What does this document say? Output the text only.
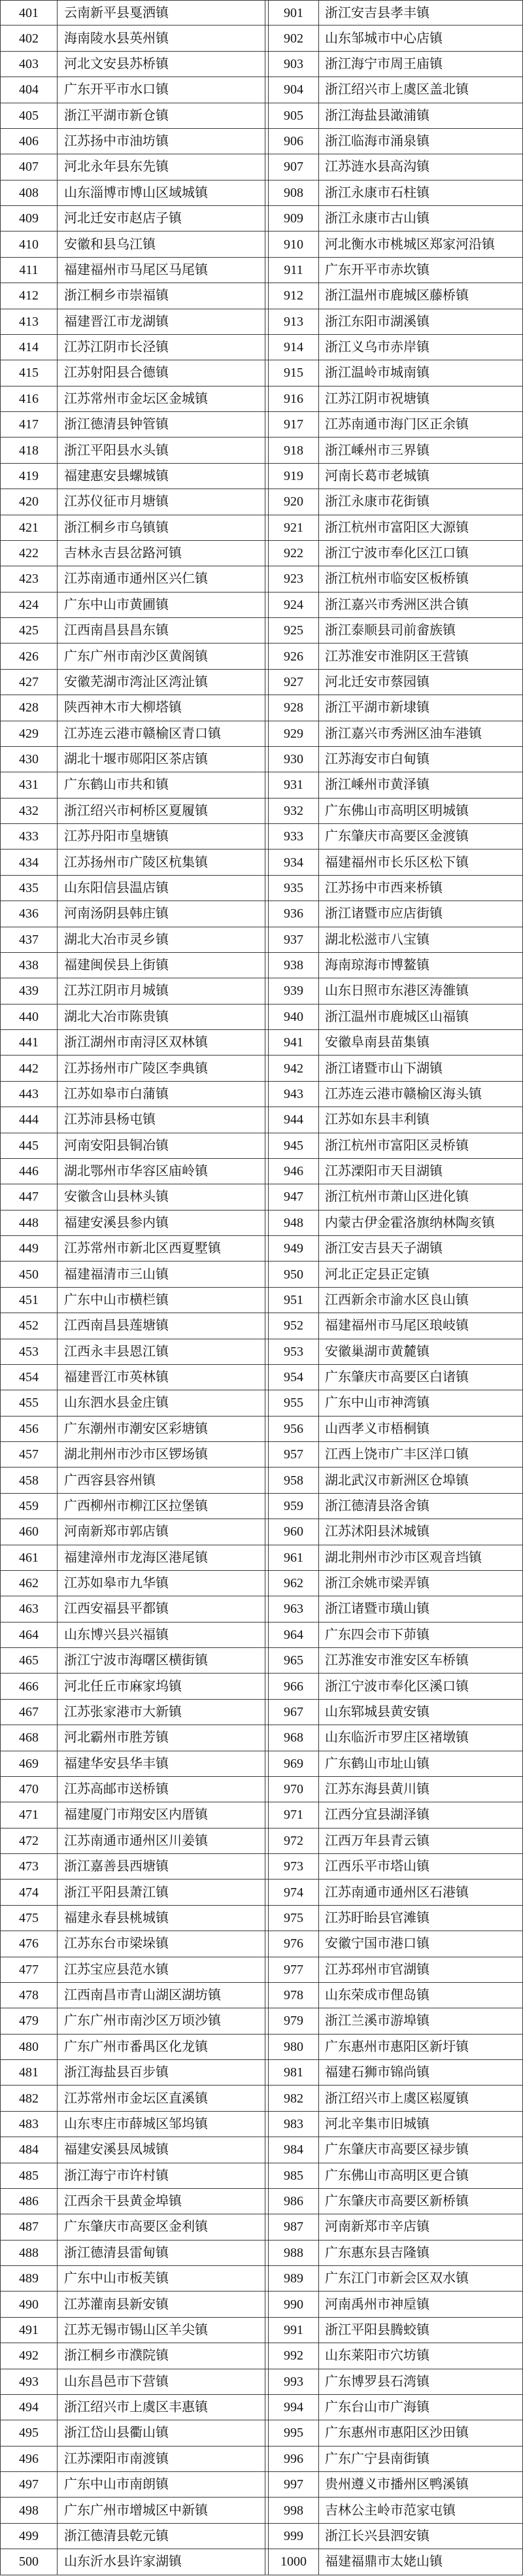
401	云南新平县戛洒镇	901	浙江安吉县孝丰镇
402	海南陵水县英州镇	902	山东邹城市中心店镇
403	河北文安县苏桥镇	903	浙江海宁市周王庙镇
404	广东开平市水口镇	904	浙江绍兴市上虞区盖北镇
405	浙江平湖市新仓镇	905	浙江海盐县澉浦镇
406	江苏扬中市油坊镇	906	浙江临海市涌泉镇
407	河北永年县东先镇	907	江苏涟水县高沟镇
408	山东淄博市博山区域城镇	908	浙江永康市石柱镇
409	河北迁安市赵店子镇	909	浙江永康市古山镇
410	安徽和县乌江镇	910	河北衡水市桃城区郑家河沿镇
411	福建福州市马尾区马尾镇	911	广东开平市赤坎镇
412	浙江桐乡市崇福镇	912	浙江温州市鹿城区藤桥镇
413	福建晋江市龙湖镇	913	浙江东阳市湖溪镇
414	江苏江阴市长泾镇	914	浙江义乌市赤岸镇
415	江苏射阳县合德镇	915	浙江温岭市城南镇
416	江苏常州市金坛区金城镇	916	江苏江阴市祝塘镇
417	浙江德清县钟管镇	917	江苏南通市海门区正余镇
418	浙江平阳县水头镇	918	浙江嵊州市三界镇
419	福建惠安县螺城镇	919	河南长葛市老城镇
420	江苏仪征市月塘镇	920	浙江永康市花街镇
421	浙江桐乡市乌镇镇	921	浙江杭州市富阳区大源镇
422	吉林永吉县岔路河镇	922	浙江宁波市奉化区江口镇
423	江苏南通市通州区兴仁镇	923	浙江杭州市临安区板桥镇
424	广东中山市黄圃镇	924	浙江嘉兴市秀洲区洪合镇
425	江西南昌县昌东镇	925	浙江泰顺县司前畲族镇
426	广东广州市南沙区黄阁镇	926	江苏淮安市淮阴区王营镇
427	安徽芜湖市湾沚区湾沚镇	927	河北迁安市蔡园镇
428	陕西神木市大柳塔镇	928	浙江平湖市新埭镇
429	江苏连云港市赣榆区青口镇	929	浙江嘉兴市秀洲区油车港镇
430	湖北十堰市郧阳区茶店镇	930	江苏海安市白甸镇
431	广东鹤山市共和镇	931	浙江嵊州市黄泽镇
432	浙江绍兴市柯桥区夏履镇	932	广东佛山市高明区明城镇
433	江苏丹阳市皇塘镇	933	广东肇庆市高要区金渡镇
434	江苏扬州市广陵区杭集镇	934	福建福州市长乐区松下镇
435	山东阳信县温店镇	935	江苏扬中市西来桥镇
436	河南汤阴县韩庄镇	936	浙江诸暨市应店街镇
437	湖北大冶市灵乡镇	937	湖北松滋市八宝镇
438	福建闽侯县上街镇	938	海南琼海市博鳌镇
439	江苏江阴市月城镇	939	山东日照市东港区涛雒镇
440	湖北大冶市陈贵镇	940	浙江温州市鹿城区山福镇
441	浙江湖州市南浔区双林镇	941	安徽阜南县苗集镇
442	江苏扬州市广陵区李典镇	942	浙江诸暨市山下湖镇
443	江苏如皋市白蒲镇	943	江苏连云港市赣榆区海头镇
444	江苏沛县杨屯镇	944	江苏如东县丰利镇
445	河南安阳县铜冶镇	945	浙江杭州市富阳区灵桥镇
446	湖北鄂州市华容区庙岭镇	946	江苏溧阳市天目湖镇
447	安徽含山县林头镇	947	浙江杭州市萧山区进化镇
448	福建安溪县参内镇	948	内蒙古伊金霍洛旗纳林陶亥镇
449	江苏常州市新北区西夏墅镇	949	浙江安吉县天子湖镇
450	福建福清市三山镇	950	河北正定县正定镇
451	广东中山市横栏镇	951	江西新余市渝水区良山镇
452	江西南昌县莲塘镇	952	福建福州市马尾区琅岐镇
453	江西永丰县恩江镇	953	安徽巢湖市黄麓镇
454	福建晋江市英林镇	954	广东肇庆市高要区白诸镇
455	山东泗水县金庄镇	955	广东中山市神湾镇
456	广东潮州市潮安区彩塘镇	956	山西孝义市梧桐镇
457	湖北荆州市沙市区锣场镇	957	江西上饶市广丰区洋口镇
458	广西容县容州镇	958	湖北武汉市新洲区仓埠镇
459	广西柳州市柳江区拉堡镇	959	浙江德清县洛舍镇
460	河南新郑市郭店镇	960	江苏沭阳县沭城镇
461	福建漳州市龙海区港尾镇	961	湖北荆州市沙市区观音垱镇
462	江苏如皋市九华镇	962	浙江余姚市梁弄镇
463	江西安福县平都镇	963	浙江诸暨市璜山镇
464	山东博兴县兴福镇	964	广东四会市下茆镇
465	浙江宁波市海曙区横街镇	965	江苏淮安市淮安区车桥镇
466	河北任丘市麻家坞镇	966	浙江宁波市奉化区溪口镇
467	江苏张家港市大新镇	967	山东郓城县黄安镇
468	河北霸州市胜芳镇	968	山东临沂市罗庄区褚墩镇
469	福建华安县华丰镇	969	广东鹤山市址山镇
470	江苏高邮市送桥镇	970	江苏东海县黄川镇
471	福建厦门市翔安区内厝镇	971	江西分宜县湖泽镇
472	江苏南通市通州区川姜镇	972	江西万年县青云镇
473	浙江嘉善县西塘镇	973	江西乐平市塔山镇
474	浙江平阳县萧江镇	974	江苏南通市通州区石港镇
475	福建永春县桃城镇	975	江苏盱眙县官滩镇
476	江苏东台市梁垛镇	976	安徽宁国市港口镇
477	江苏宝应县范水镇	977	江苏邳州市官湖镇
478	江西南昌市青山湖区湖坊镇	978	山东荣成市俚岛镇
479	广东广州市南沙区万顷沙镇	979	浙江兰溪市游埠镇
480	广东广州市番禺区化龙镇	980	广东惠州市惠阳区新圩镇
481	浙江海盐县百步镇	981	福建石狮市锦尚镇
482	江苏常州市金坛区直溪镇	982	浙江绍兴市上虞区崧厦镇
483	山东枣庄市薛城区邹坞镇	983	河北辛集市旧城镇
484	福建安溪县凤城镇	984	广东肇庆市高要区禄步镇
485	浙江海宁市许村镇	985	广东佛山市高明区更合镇
486	江西余干县黄金埠镇	986	广东肇庆市高要区新桥镇
487	广东肇庆市高要区金利镇	987	河南新郑市辛店镇
488	浙江德清县雷甸镇	988	广东惠东县吉隆镇
489	广东中山市板芙镇	989	广东江门市新会区双水镇
490	江苏灌南县新安镇	990	河南禹州市神垕镇
491	江苏无锡市锡山区羊尖镇	991	浙江平阳县腾蛟镇
492	浙江桐乡市濮院镇	992	山东莱阳市穴坊镇
493	山东昌邑市下营镇	993	广东博罗县石湾镇
494	浙江绍兴市上虞区丰惠镇	994	广东台山市广海镇
495	浙江岱山县衢山镇	995	广东惠州市惠阳区沙田镇
496	江苏溧阳市南渡镇	996	广东广宁县南街镇
497	广东中山市南朗镇	997	贵州遵义市播州区鸭溪镇
498	广东广州市增城区中新镇	998	吉林公主岭市范家屯镇
499	浙江德清县乾元镇	999	浙江长兴县泗安镇
500	山东沂水县许家湖镇	1000	福建福鼎市太姥山镇
